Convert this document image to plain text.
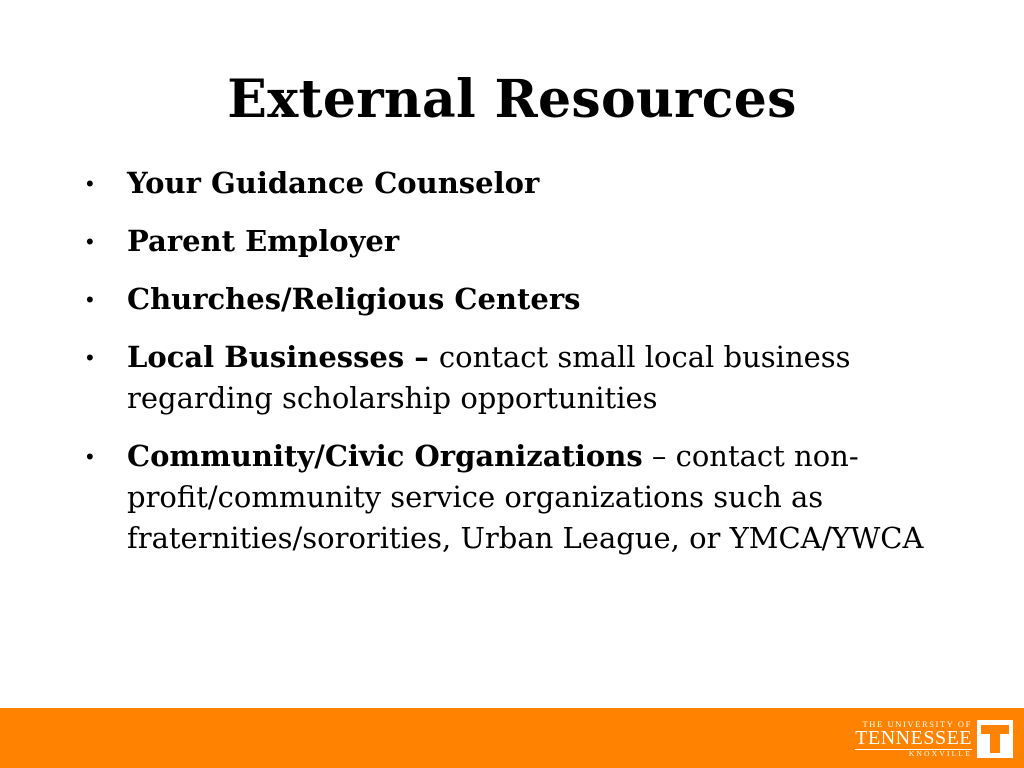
External Resources
• Your Guidance Counselor
• Parent Employer
• Churches/Religious Centers
• Local Businesses – contact small local business regarding scholarship opportunities
• Community/Civic Organizations – contact non-profit/community service organizations such as fraternities/sororities, Urban League, or YMCA/YWCA
THE UNIVERSITY OF
TENNESSEE
KNOXVILLE
